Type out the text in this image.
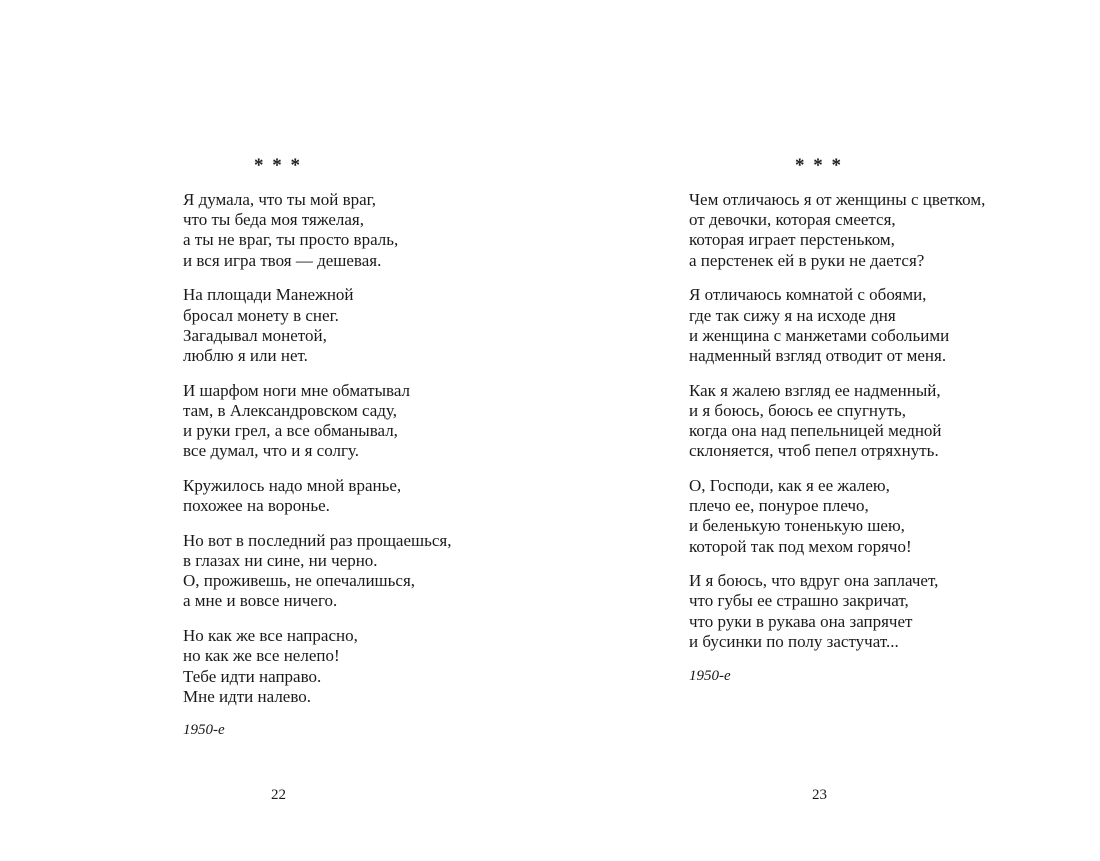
* * *
Я думала, что ты мой враг,
что ты беда моя тяжелая,
а ты не враг, ты просто враль,
и вся игра твоя — дешевая.
На площади Манежной
бросал монету в снег.
Загадывал монетой,
люблю я или нет.
И шарфом ноги мне обматывал
там, в Александровском саду,
и руки грел, а все обманывал,
все думал, что и я солгу.
Кружилось надо мной вранье,
похожее на воронье.
Но вот в последний раз прощаешься,
в глазах ни сине, ни черно.
О, проживешь, не опечалишься,
а мне и вовсе ничего.
Но как же все напрасно,
но как же все нелепо!
Тебе идти направо.
Мне идти налево.
1950-е
22
* * *
Чем отличаюсь я от женщины с цветком,
от девочки, которая смеется,
которая играет перстеньком,
а перстенек ей в руки не дается?
Я отличаюсь комнатой с обоями,
где так сижу я на исходе дня
и женщина с манжетами собольими
надменный взгляд отводит от меня.
Как я жалею взгляд ее надменный,
и я боюсь, боюсь ее спугнуть,
когда она над пепельницей медной
склоняется, чтоб пепел отряхнуть.
О, Господи, как я ее жалею,
плечо ее, понурое плечо,
и беленькую тоненькую шею,
которой так под мехом горячо!
И я боюсь, что вдруг она заплачет,
что губы ее страшно закричат,
что руки в рукава она запрячет
и бусинки по полу застучат...
1950-е
23
